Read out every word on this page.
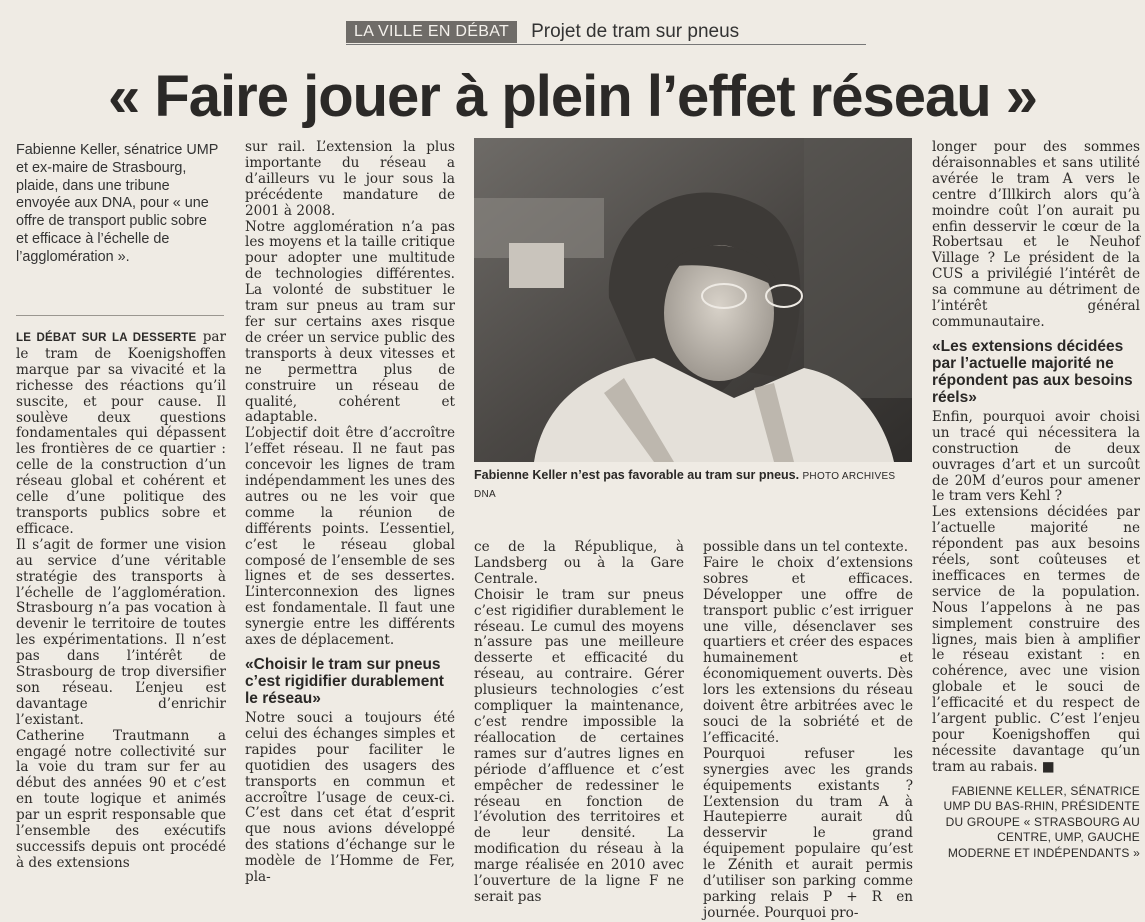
LA VILLE EN DÉBAT	Projet de tram sur pneus
« Faire jouer à plein l’effet réseau »
Fabienne Keller, sénatrice UMP et ex-maire de Strasbourg, plaide, dans une tribune envoyée aux DNA, pour « une offre de transport public sobre et efficace à l’échelle de l’agglomération ».

LE DÉBAT SUR LA DESSERTE par le tram de Koenigshoffen marque par sa vivacité et la richesse des réactions qu’il suscite, et pour cause. Il soulève deux questions fondamentales qui dépassent les frontières de ce quartier : celle de la construction d’un réseau global et cohérent et celle d’une politique des transports publics sobre et efficace.

Il s’agit de former une vision au service d’une véritable stratégie des transports à l’échelle de l’agglomération. Strasbourg n’a pas vocation à devenir le territoire de toutes les expérimentations. Il n’est pas dans l’intérêt de Strasbourg de trop diversifier son réseau. L’enjeu est davantage d’enrichir l’existant.

Catherine Trautmann a engagé notre collectivité sur la voie du tram sur fer au début des années 90 et c’est en toute logique et animés par un esprit responsable que l’ensemble des exécutifs successifs depuis ont procédé à des extensions

sur rail. L’extension la plus importante du réseau a d’ailleurs vu le jour sous la précédente mandature de 2001 à 2008.

Notre agglomération n’a pas les moyens et la taille critique pour adopter une multitude de technologies différentes. La volonté de substituer le tram sur pneus au tram sur fer sur certains axes risque de créer un service public des transports à deux vitesses et ne permettra plus de construire un réseau de qualité, cohérent et adaptable.

L’objectif doit être d’accroître l’effet réseau. Il ne faut pas concevoir les lignes de tram indépendamment les unes des autres ou ne les voir que comme la réunion de différents points. L’essentiel, c’est le réseau global composé de l’ensemble de ses lignes et de ses dessertes. L’interconnexion des lignes est fondamentale. Il faut une synergie entre les différents axes de déplacement.

«Choisir le tram sur pneus c’est rigidifier durablement le réseau»

Notre souci a toujours été celui des échanges simples et rapides pour faciliter le quotidien des usagers des transports en commun et accroître l’usage de ceux-ci. C’est dans cet état d’esprit que nous avions développé des stations d’échange sur le modèle de l’Homme de Fer, pla-

Fabienne Keller n’est pas favorable au tram sur pneus. PHOTO ARCHIVES DNA

ce de la République, à Landsberg ou à la Gare Centrale.

Choisir le tram sur pneus c’est rigidifier durablement le réseau. Le cumul des moyens n’assure pas une meilleure desserte et efficacité du réseau, au contraire. Gérer plusieurs technologies c’est compliquer la maintenance, c’est rendre impossible la réallocation de certaines rames sur d’autres lignes en période d’affluence et c’est empêcher de redessiner le réseau en fonction de l’évolution des territoires et de leur densité. La modification du réseau à la marge réalisée en 2010 avec l’ouverture de la ligne F ne serait pas

possible dans un tel contexte.

Faire le choix d’extensions sobres et efficaces. Développer une offre de transport public c’est irriguer une ville, désenclaver ses quartiers et créer des espaces humainement et économiquement ouverts. Dès lors les extensions du réseau doivent être arbitrées avec le souci de la sobriété et de l’efficacité.

Pourquoi refuser les synergies avec les grands équipements existants ? L’extension du tram A à Hautepierre aurait dû desservir le grand équipement populaire qu’est le Zénith et aurait permis d’utiliser son parking comme parking relais P + R en journée. Pourquoi pro-

longer pour des sommes déraisonnables et sans utilité avérée le tram A vers le centre d’Illkirch alors qu’à moindre coût l’on aurait pu enfin desservir le cœur de la Robertsau et le Neuhof Village ? Le président de la CUS a privilégié l’intérêt de sa commune au détriment de l’intérêt général communautaire.

«Les extensions décidées par l’actuelle majorité ne répondent pas aux besoins réels»

Enfin, pourquoi avoir choisi un tracé qui nécessitera la construction de deux ouvrages d’art et un surcoût de 20M d’euros pour amener le tram vers Kehl ?

Les extensions décidées par l’actuelle majorité ne répondent pas aux besoins réels, sont coûteuses et inefficaces en termes de service de la population. Nous l’appelons à ne pas simplement construire des lignes, mais bien à amplifier le réseau existant : en cohérence, avec une vision globale et le souci de l’efficacité et du respect de l’argent public. C’est l’enjeu pour Koenigshoffen qui nécessite davantage qu’un tram au rabais. ■

FABIENNE KELLER, SÉNATRICE UMP DU BAS-RHIN, PRÉSIDENTE DU GROUPE « STRASBOURG AU CENTRE, UMP, GAUCHE MODERNE ET INDÉPENDANTS »
